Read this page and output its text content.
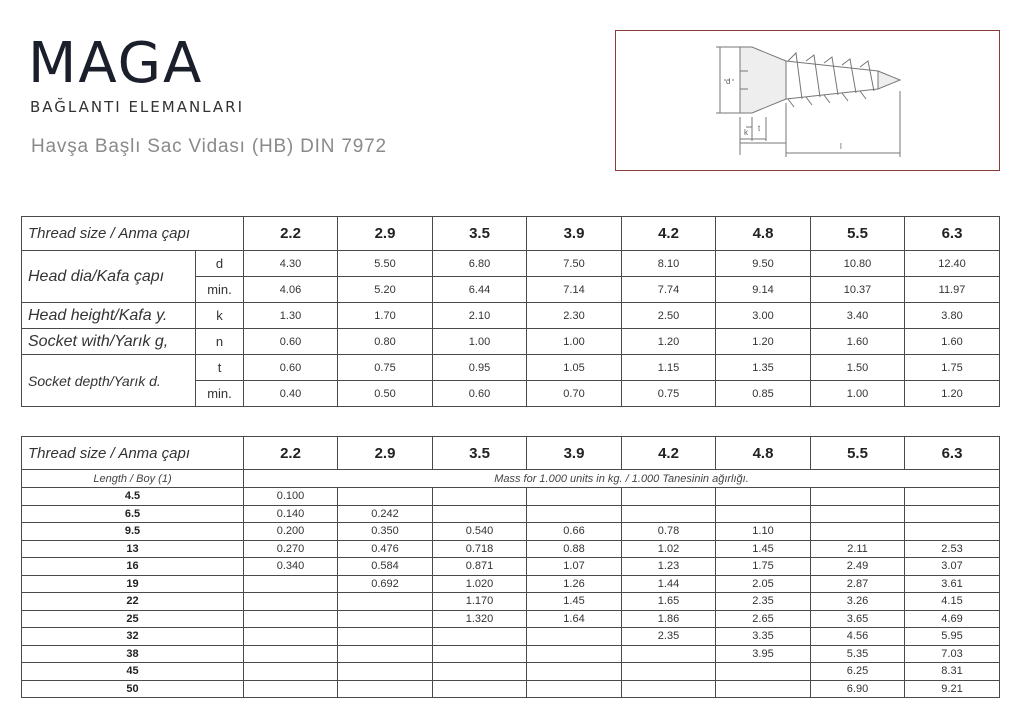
MAGA
BAĞLANTI ELEMANLARI
Havşa Başlı Sac Vidası (HB) DIN 7972
d
k t
l
Thread size / Anma çapı		2.2	2.9	3.5	3.9	4.2	4.8	5.5	6.3
Head dia/Kafa çapı	d	4.30	5.50	6.80	7.50	8.10	9.50	10.80	12.40
	min.	4.06	5.20	6.44	7.14	7.74	9.14	10.37	11.97
Head height/Kafa y.	k	1.30	1.70	2.10	2.30	2.50	3.00	3.40	3.80
Socket with/Yarık g,	n	0.60	0.80	1.00	1.00	1.20	1.20	1.60	1.60
Socket depth/Yarık d.	t	0.60	0.75	0.95	1.05	1.15	1.35	1.50	1.75
	min.	0.40	0.50	0.60	0.70	0.75	0.85	1.00	1.20
Thread size / Anma çapı	2.2	2.9	3.5	3.9	4.2	4.8	5.5	6.3
Length / Boy (1)	Mass for 1.000 units in kg. / 1.000 Tanesinin ağırlığı.							
4.5	0.100							
6.5	0.140	0.242						
9.5	0.200	0.350	0.540	0.66	0.78	1.10		
13	0.270	0.476	0.718	0.88	1.02	1.45	2.11	2.53
16	0.340	0.584	0.871	1.07	1.23	1.75	2.49	3.07
19		0.692	1.020	1.26	1.44	2.05	2.87	3.61
22			1.170	1.45	1.65	2.35	3.26	4.15
25			1.320	1.64	1.86	2.65	3.65	4.69
32					2.35	3.35	4.56	5.95
38						3.95	5.35	7.03
45							6.25	8.31
50							6.90	9.21
